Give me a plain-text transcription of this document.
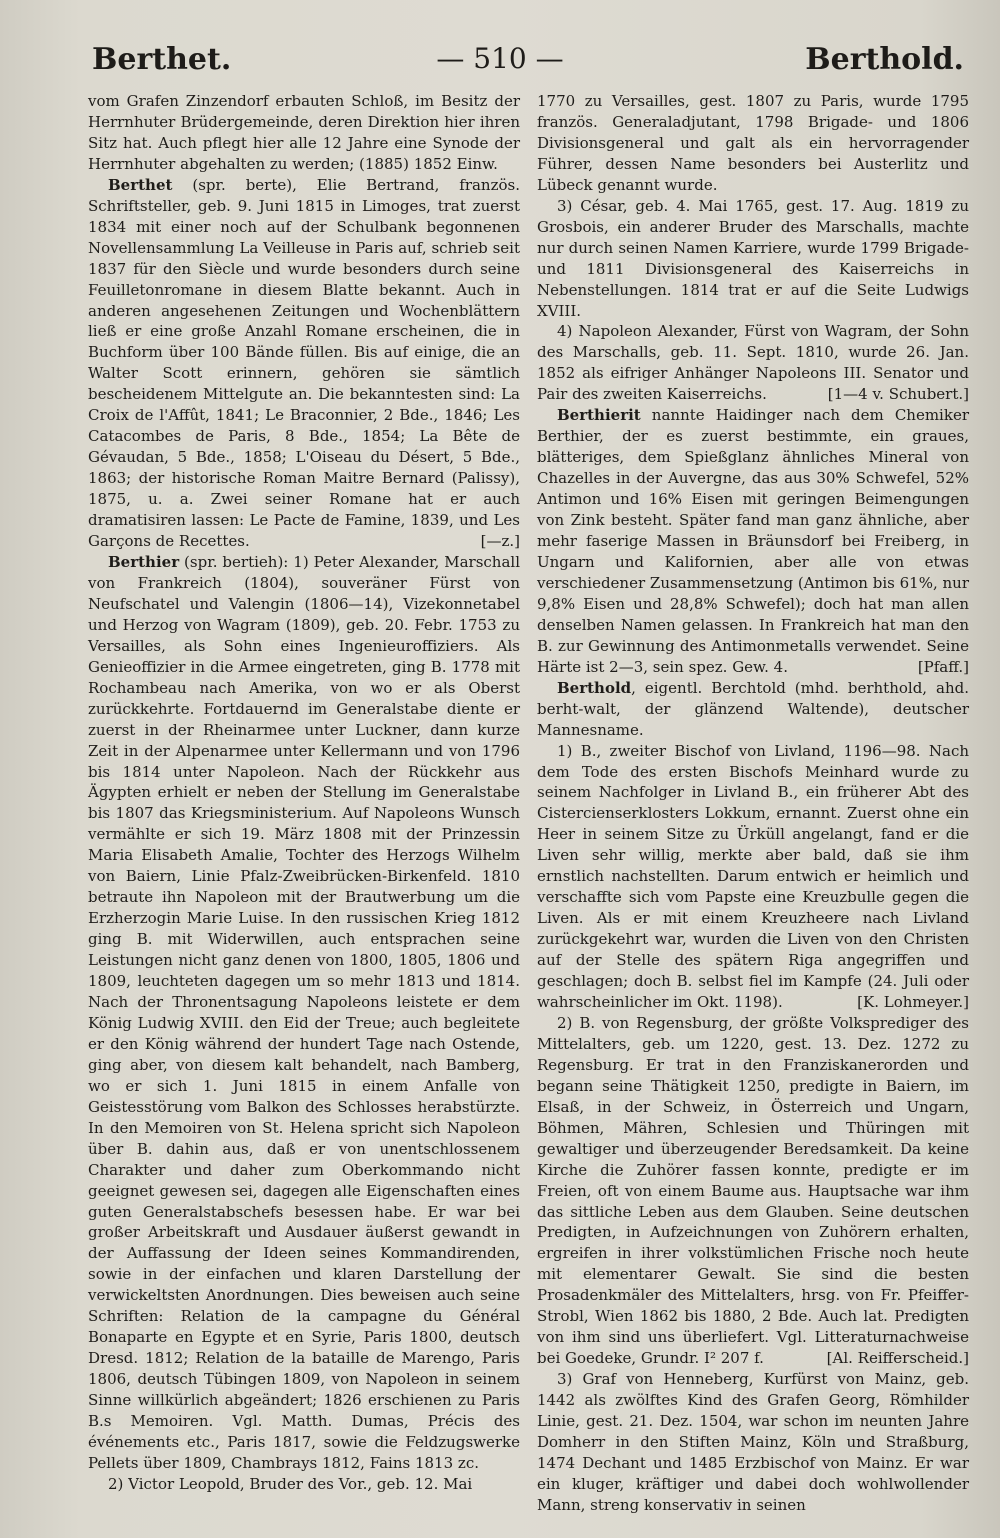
Berthet.	— 510 —	Berthold.

vom Grafen Zinzendorf erbauten Schloß, im Besitz der Herrnhuter Brüdergemeinde, deren Direktion hier ihren Sitz hat. Auch pflegt hier alle 12 Jahre eine Synode der Herrnhuter abgehalten zu werden; (1885) 1852 Einw.

Berthet (spr. berte), Elie Bertrand, französ. Schriftsteller, geb. 9. Juni 1815 in Limoges, trat zuerst 1834 mit einer noch auf der Schulbank begonnenen Novellensammlung La Veilleuse in Paris auf, schrieb seit 1837 für den Siècle und wurde besonders durch seine Feuilletonromane in diesem Blatte bekannt. Auch in anderen angesehenen Zeitungen und Wochenblättern ließ er eine große Anzahl Romane erscheinen, die in Buchform über 100 Bände füllen. Bis auf einige, die an Walter Scott erinnern, gehören sie sämtlich bescheidenem Mittelgute an. Die bekanntesten sind: La Croix de l'Affût, 1841; Le Braconnier, 2 Bde., 1846; Les Catacombes de Paris, 8 Bde., 1854; La Bête de Gévaudan, 5 Bde., 1858; L'Oiseau du Désert, 5 Bde., 1863; der historische Roman Maitre Bernard (Palissy), 1875, u. a. Zwei seiner Romane hat er auch dramatisiren lassen: Le Pacte de Famine, 1839, und Les Garçons de Recettes.	[—z.]

Berthier (spr. bertieh): 1) Peter Alexander, Marschall von Frankreich (1804), souveräner Fürst von Neufschatel und Valengin (1806—14), Vizekonnetabel und Herzog von Wagram (1809), geb. 20. Febr. 1753 zu Versailles, als Sohn eines Ingenieuroffiziers. Als Genieoffizier in die Armee eingetreten, ging B. 1778 mit Rochambeau nach Amerika, von wo er als Oberst zurückkehrte. Fortdauernd im Generalstabe diente er zuerst in der Rheinarmee unter Luckner, dann kurze Zeit in der Alpenarmee unter Kellermann und von 1796 bis 1814 unter Napoleon. Nach der Rückkehr aus Ägypten erhielt er neben der Stellung im Generalstabe bis 1807 das Kriegsministerium. Auf Napoleons Wunsch vermählte er sich 19. März 1808 mit der Prinzessin Maria Elisabeth Amalie, Tochter des Herzogs Wilhelm von Baiern, Linie Pfalz-Zweibrücken-Birkenfeld. 1810 betraute ihn Napoleon mit der Brautwerbung um die Erzherzogin Marie Luise. In den russischen Krieg 1812 ging B. mit Widerwillen, auch entsprachen seine Leistungen nicht ganz denen von 1800, 1805, 1806 und 1809, leuchteten dagegen um so mehr 1813 und 1814. Nach der Thronentsagung Napoleons leistete er dem König Ludwig XVIII. den Eid der Treue; auch begleitete er den König während der hundert Tage nach Ostende, ging aber, von diesem kalt behandelt, nach Bamberg, wo er sich 1. Juni 1815 in einem Anfalle von Geistesstörung vom Balkon des Schlosses herabstürzte. In den Memoiren von St. Helena spricht sich Napoleon über B. dahin aus, daß er von unentschlossenem Charakter und daher zum Oberkommando nicht geeignet gewesen sei, dagegen alle Eigenschaften eines guten Generalstabschefs besessen habe. Er war bei großer Arbeitskraft und Ausdauer äußerst gewandt in der Auffassung der Ideen seines Kommandirenden, sowie in der einfachen und klaren Darstellung der verwickeltsten Anordnungen. Dies beweisen auch seine Schriften: Relation de la campagne du Général Bonaparte en Egypte et en Syrie, Paris 1800, deutsch Dresd. 1812; Relation de la bataille de Marengo, Paris 1806, deutsch Tübingen 1809, von Napoleon in seinem Sinne willkürlich abgeändert; 1826 erschienen zu Paris B.s Memoiren. Vgl. Matth. Dumas, Précis des événements etc., Paris 1817, sowie die Feldzugswerke Pellets über 1809, Chambrays 1812, Fains 1813 zc.

2) Victor Leopold, Bruder des Vor., geb. 12. Mai

1770 zu Versailles, gest. 1807 zu Paris, wurde 1795 französ. Generaladjutant, 1798 Brigade- und 1806 Divisionsgeneral und galt als ein hervorragender Führer, dessen Name besonders bei Austerlitz und Lübeck genannt wurde.

3) César, geb. 4. Mai 1765, gest. 17. Aug. 1819 zu Grosbois, ein anderer Bruder des Marschalls, machte nur durch seinen Namen Karriere, wurde 1799 Brigade- und 1811 Divisionsgeneral des Kaiserreichs in Nebenstellungen. 1814 trat er auf die Seite Ludwigs XVIII.

4) Napoleon Alexander, Fürst von Wagram, der Sohn des Marschalls, geb. 11. Sept. 1810, wurde 26. Jan. 1852 als eifriger Anhänger Napoleons III. Senator und Pair des zweiten Kaiserreichs.	[1—4 v. Schubert.]

Berthierit nannte Haidinger nach dem Chemiker Berthier, der es zuerst bestimmte, ein graues, blätteriges, dem Spießglanz ähnliches Mineral von Chazelles in der Auvergne, das aus 30% Schwefel, 52% Antimon und 16% Eisen mit geringen Beimengungen von Zink besteht. Später fand man ganz ähnliche, aber mehr faserige Massen in Bräunsdorf bei Freiberg, in Ungarn und Kalifornien, aber alle von etwas verschiedener Zusammensetzung (Antimon bis 61%, nur 9,8% Eisen und 28,8% Schwefel); doch hat man allen denselben Namen gelassen. In Frankreich hat man den B. zur Gewinnung des Antimonmetalls verwendet. Seine Härte ist 2—3, sein spez. Gew. 4.	[Pfaff.]

Berthold, eigentl. Berchtold (mhd. berhthold, ahd. berht-walt, der glänzend Waltende), deutscher Mannesname.

1) B., zweiter Bischof von Livland, 1196—98. Nach dem Tode des ersten Bischofs Meinhard wurde zu seinem Nachfolger in Livland B., ein früherer Abt des Cistercienserklosters Lokkum, ernannt. Zuerst ohne ein Heer in seinem Sitze zu Ürküll angelangt, fand er die Liven sehr willig, merkte aber bald, daß sie ihm ernstlich nachstellten. Darum entwich er heimlich und verschaffte sich vom Papste eine Kreuzbulle gegen die Liven. Als er mit einem Kreuzheere nach Livland zurückgekehrt war, wurden die Liven von den Christen auf der Stelle des spätern Riga angegriffen und geschlagen; doch B. selbst fiel im Kampfe (24. Juli oder wahrscheinlicher im Okt. 1198).	[K. Lohmeyer.]

2) B. von Regensburg, der größte Volksprediger des Mittelalters, geb. um 1220, gest. 13. Dez. 1272 zu Regensburg. Er trat in den Franziskanerorden und begann seine Thätigkeit 1250, predigte in Baiern, im Elsaß, in der Schweiz, in Österreich und Ungarn, Böhmen, Mähren, Schlesien und Thüringen mit gewaltiger und überzeugender Beredsamkeit. Da keine Kirche die Zuhörer fassen konnte, predigte er im Freien, oft von einem Baume aus. Hauptsache war ihm das sittliche Leben aus dem Glauben. Seine deutschen Predigten, in Aufzeichnungen von Zuhörern erhalten, ergreifen in ihrer volkstümlichen Frische noch heute mit elementarer Gewalt. Sie sind die besten Prosadenkmäler des Mittelalters, hrsg. von Fr. Pfeiffer-Strobl, Wien 1862 bis 1880, 2 Bde. Auch lat. Predigten von ihm sind uns überliefert. Vgl. Litteraturnachweise bei Goedeke, Grundr. I² 207 f.	[Al. Reifferscheid.]

3) Graf von Henneberg, Kurfürst von Mainz, geb. 1442 als zwölftes Kind des Grafen Georg, Römhilder Linie, gest. 21. Dez. 1504, war schon im neunten Jahre Domherr in den Stiften Mainz, Köln und Straßburg, 1474 Dechant und 1485 Erzbischof von Mainz. Er war ein kluger, kräftiger und dabei doch wohlwollender Mann, streng konservativ in seinen
